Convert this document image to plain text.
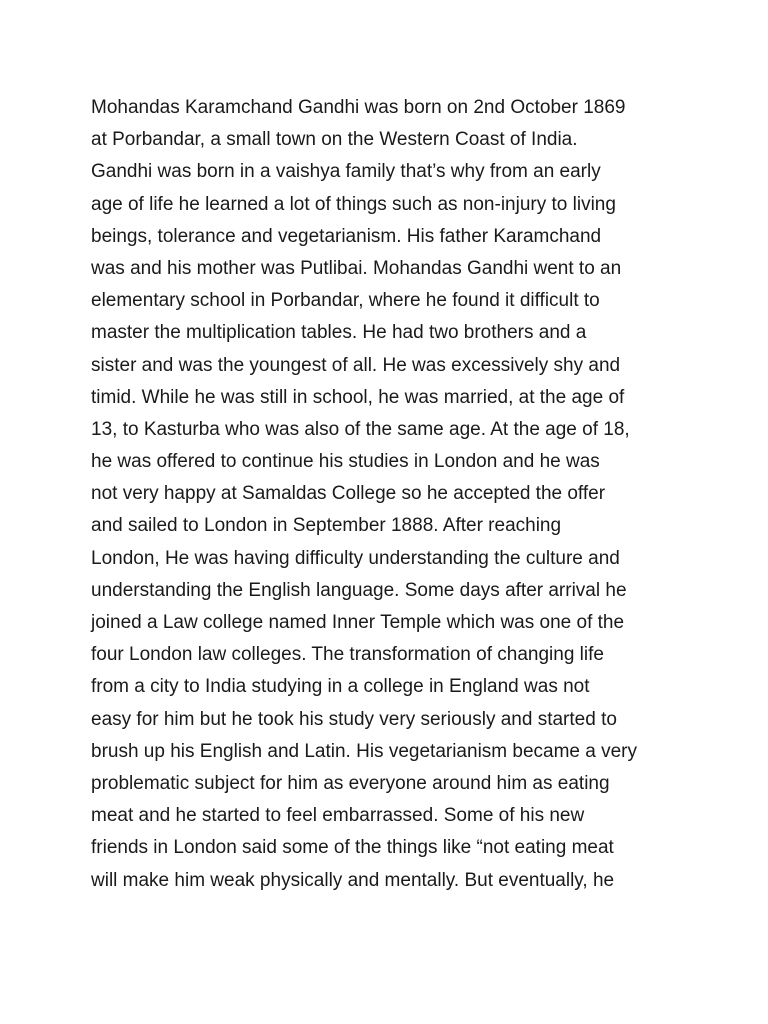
Mohandas Karamchand Gandhi was born on 2nd October 1869
at Porbandar, a small town on the Western Coast of India.
Gandhi was born in a vaishya family that’s why from an early
age of life he learned a lot of things such as non-injury to living
beings, tolerance and vegetarianism. His father Karamchand
was and his mother was Putlibai. Mohandas Gandhi went to an
elementary school in Porbandar, where he found it difficult to
master the multiplication tables. He had two brothers and a
sister and was the youngest of all. He was excessively shy and
timid. While he was still in school, he was married, at the age of
13, to Kasturba who was also of the same age. At the age of 18,
he was offered to continue his studies in London and he was
not very happy at Samaldas College so he accepted the offer
and sailed to London in September 1888. After reaching
London, He was having difficulty understanding the culture and
understanding the English language. Some days after arrival he
joined a Law college named Inner Temple which was one of the
four London law colleges. The transformation of changing life
from a city to India studying in a college in England was not
easy for him but he took his study very seriously and started to
brush up his English and Latin. His vegetarianism became a very
problematic subject for him as everyone around him as eating
meat and he started to feel embarrassed. Some of his new
friends in London said some of the things like “not eating meat
will make him weak physically and mentally. But eventually, he
